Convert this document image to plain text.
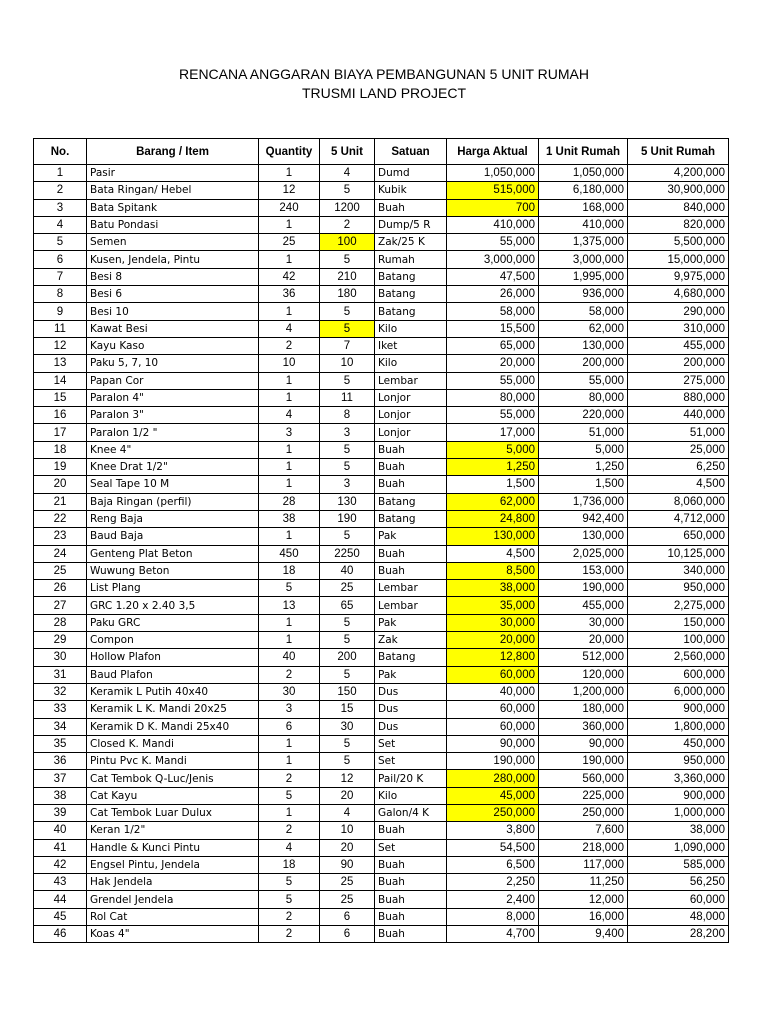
RENCANA ANGGARAN BIAYA PEMBANGUNAN 5 UNIT RUMAH
TRUSMI LAND PROJECT
No.	Barang / Item	Quantity	5 Unit	Satuan	Harga Aktual	1 Unit Rumah	5 Unit Rumah
1	Pasir	1	4	Dumd	1,050,000	1,050,000	4,200,000
2	Bata Ringan/ Hebel	12	5	Kubik	515,000	6,180,000	30,900,000
3	Bata Spitank	240	1200	Buah	700	168,000	840,000
4	Batu Pondasi	1	2	Dump/5 R	410,000	410,000	820,000
5	Semen	25	100	Zak/25 K	55,000	1,375,000	5,500,000
6	Kusen, Jendela, Pintu	1	5	Rumah	3,000,000	3,000,000	15,000,000
7	Besi 8	42	210	Batang	47,500	1,995,000	9,975,000
8	Besi 6	36	180	Batang	26,000	936,000	4,680,000
9	Besi 10	1	5	Batang	58,000	58,000	290,000
11	Kawat Besi	4	5	Kilo	15,500	62,000	310,000
12	Kayu Kaso	2	7	Iket	65,000	130,000	455,000
13	Paku 5, 7, 10	10	10	Kilo	20,000	200,000	200,000
14	Papan Cor	1	5	Lembar	55,000	55,000	275,000
15	Paralon 4"	1	11	Lonjor	80,000	80,000	880,000
16	Paralon 3"	4	8	Lonjor	55,000	220,000	440,000
17	Paralon 1/2 "	3	3	Lonjor	17,000	51,000	51,000
18	Knee 4"	1	5	Buah	5,000	5,000	25,000
19	Knee Drat 1/2"	1	5	Buah	1,250	1,250	6,250
20	Seal Tape 10 M	1	3	Buah	1,500	1,500	4,500
21	Baja Ringan (perfil)	28	130	Batang	62,000	1,736,000	8,060,000
22	Reng Baja	38	190	Batang	24,800	942,400	4,712,000
23	Baud Baja	1	5	Pak	130,000	130,000	650,000
24	Genteng Plat Beton	450	2250	Buah	4,500	2,025,000	10,125,000
25	Wuwung Beton	18	40	Buah	8,500	153,000	340,000
26	List Plang	5	25	Lembar	38,000	190,000	950,000
27	GRC 1.20 x 2.40 3,5	13	65	Lembar	35,000	455,000	2,275,000
28	Paku GRC	1	5	Pak	30,000	30,000	150,000
29	Compon	1	5	Zak	20,000	20,000	100,000
30	Hollow Plafon	40	200	Batang	12,800	512,000	2,560,000
31	Baud Plafon	2	5	Pak	60,000	120,000	600,000
32	Keramik L Putih 40x40	30	150	Dus	40,000	1,200,000	6,000,000
33	Keramik L K. Mandi 20x25	3	15	Dus	60,000	180,000	900,000
34	Keramik D K. Mandi 25x40	6	30	Dus	60,000	360,000	1,800,000
35	Closed K. Mandi	1	5	Set	90,000	90,000	450,000
36	Pintu Pvc K. Mandi	1	5	Set	190,000	190,000	950,000
37	Cat Tembok Q-Luc/Jenis	2	12	Pail/20 K	280,000	560,000	3,360,000
38	Cat Kayu	5	20	Kilo	45,000	225,000	900,000
39	Cat Tembok Luar Dulux	1	4	Galon/4 K	250,000	250,000	1,000,000
40	Keran 1/2"	2	10	Buah	3,800	7,600	38,000
41	Handle & Kunci Pintu	4	20	Set	54,500	218,000	1,090,000
42	Engsel Pintu, Jendela	18	90	Buah	6,500	117,000	585,000
43	Hak Jendela	5	25	Buah	2,250	11,250	56,250
44	Grendel Jendela	5	25	Buah	2,400	12,000	60,000
45	Rol Cat	2	6	Buah	8,000	16,000	48,000
46	Koas 4"	2	6	Buah	4,700	9,400	28,200
